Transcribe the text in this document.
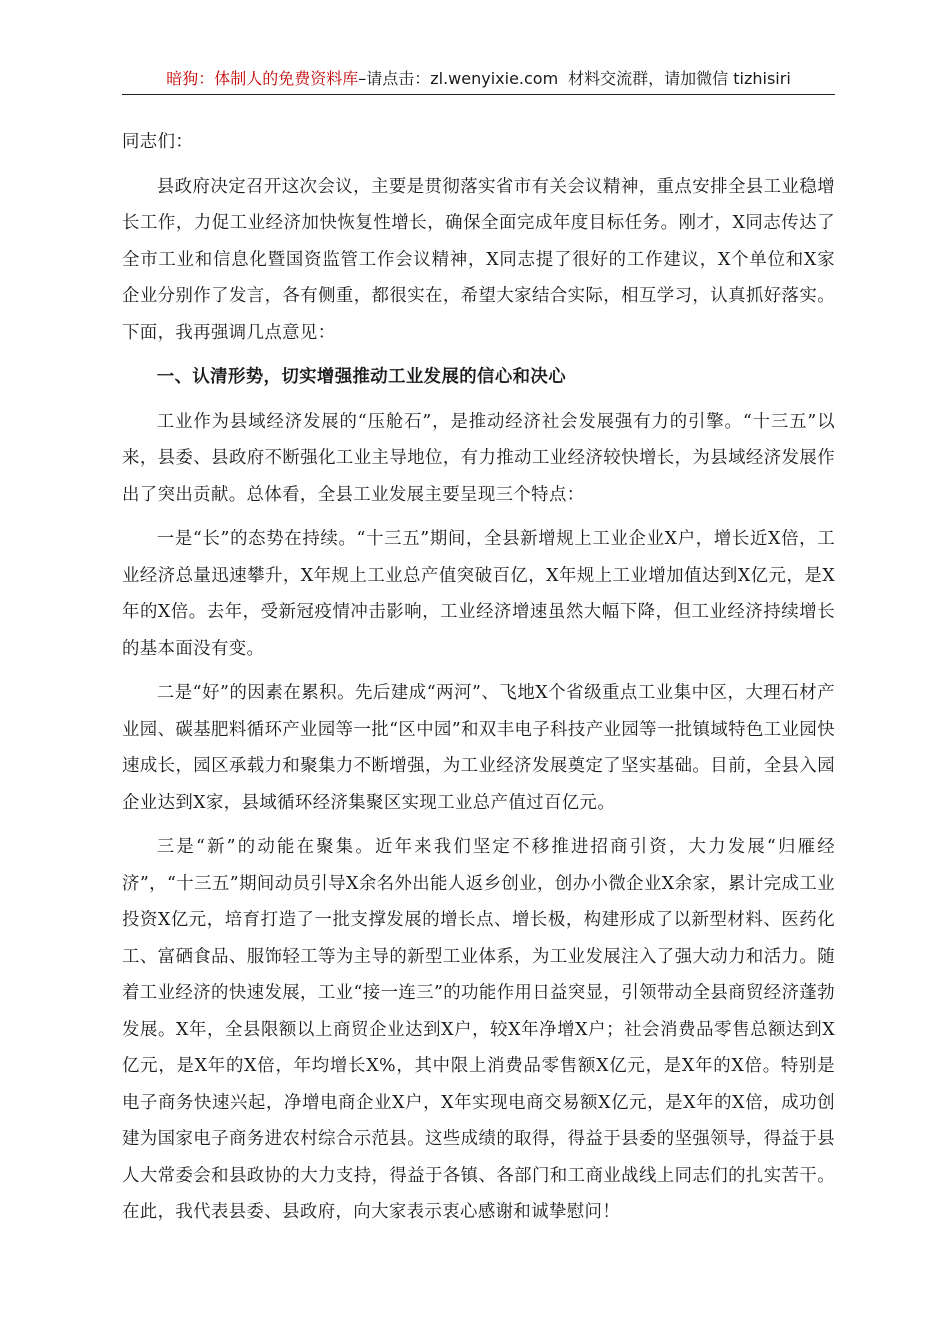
暗狗：体制人的免费资料库–请点击：zl.wenyixie.com 材料交流群，请加微信 tizhisiri

同志们：

县政府决定召开这次会议，主要是贯彻落实省市有关会议精神，重点安排全县工业稳增长工作，力促工业经济加快恢复性增长，确保全面完成年度目标任务。刚才，X同志传达了全市工业和信息化暨国资监管工作会议精神，X同志提了很好的工作建议，X个单位和X家企业分别作了发言，各有侧重，都很实在，希望大家结合实际，相互学习，认真抓好落实。下面，我再强调几点意见：

一、认清形势，切实增强推动工业发展的信心和决心

工业作为县域经济发展的“压舱石”，是推动经济社会发展强有力的引擎。“十三五”以来，县委、县政府不断强化工业主导地位，有力推动工业经济较快增长，为县域经济发展作出了突出贡献。总体看，全县工业发展主要呈现三个特点：

一是“长”的态势在持续。“十三五”期间，全县新增规上工业企业X户，增长近X倍，工业经济总量迅速攀升，X年规上工业总产值突破百亿，X年规上工业增加值达到X亿元，是X年的X倍。去年，受新冠疫情冲击影响，工业经济增速虽然大幅下降，但工业经济持续增长的基本面没有变。

二是“好”的因素在累积。先后建成“两河”、飞地X个省级重点工业集中区，大理石材产业园、碳基肥料循环产业园等一批“区中园”和双丰电子科技产业园等一批镇域特色工业园快速成长，园区承载力和聚集力不断增强，为工业经济发展奠定了坚实基础。目前，全县入园企业达到X家，县域循环经济集聚区实现工业总产值过百亿元。

三是“新”的动能在聚集。近年来我们坚定不移推进招商引资，大力发展“归雁经济”，“十三五”期间动员引导X余名外出能人返乡创业，创办小微企业X余家，累计完成工业投资X亿元，培育打造了一批支撑发展的增长点、增长极，构建形成了以新型材料、医药化工、富硒食品、服饰轻工等为主导的新型工业体系，为工业发展注入了强大动力和活力。随着工业经济的快速发展，工业“接一连三”的功能作用日益突显，引领带动全县商贸经济蓬勃发展。X年，全县限额以上商贸企业达到X户，较X年净增X户；社会消费品零售总额达到X亿元，是X年的X倍，年均增长X%，其中限上消费品零售额X亿元，是X年的X倍。特别是电子商务快速兴起，净增电商企业X户，X年实现电商交易额X亿元，是X年的X倍，成功创建为国家电子商务进农村综合示范县。这些成绩的取得，得益于县委的坚强领导，得益于县人大常委会和县政协的大力支持，得益于各镇、各部门和工商业战线上同志们的扎实苦干。在此，我代表县委、县政府，向大家表示衷心感谢和诚挚慰问！
